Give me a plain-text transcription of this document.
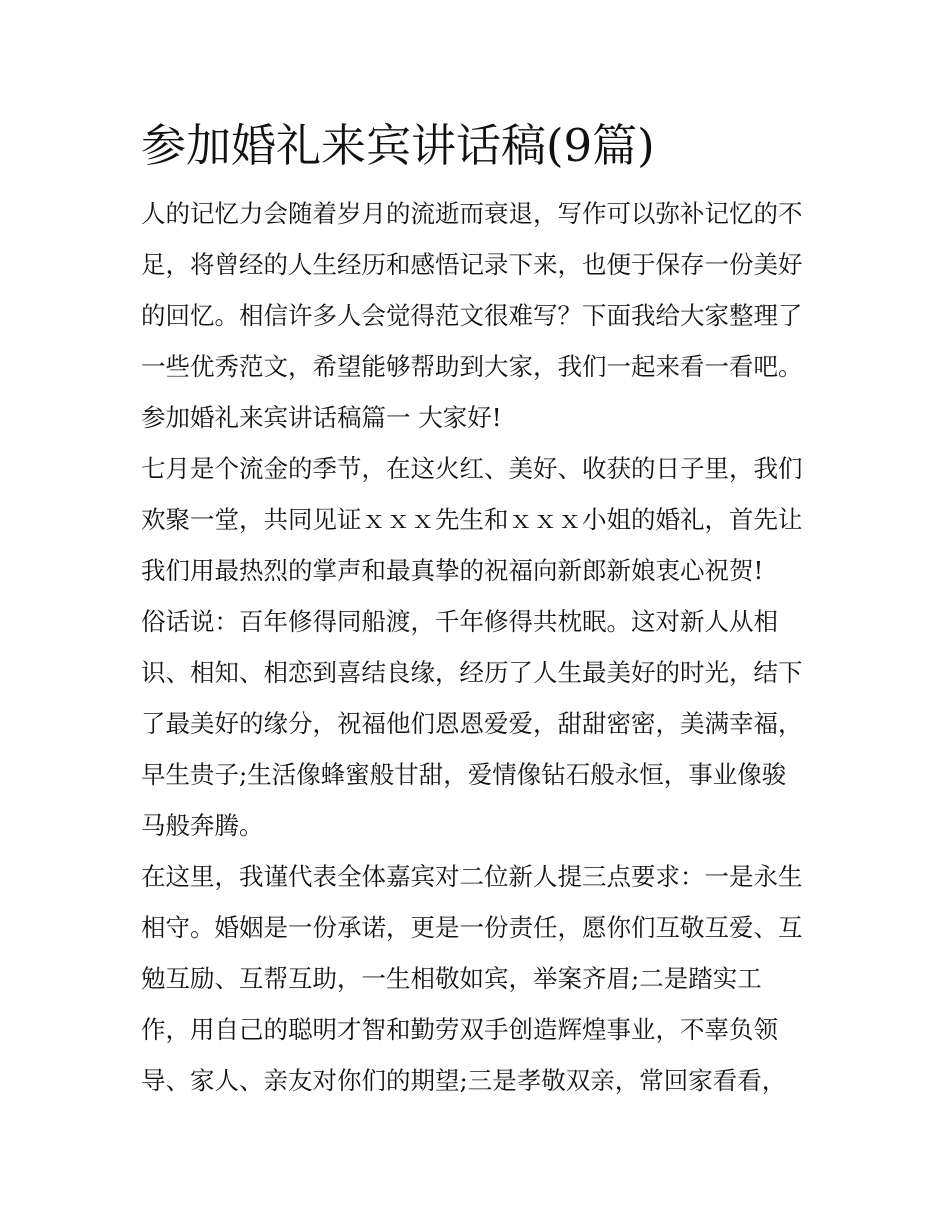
参加婚礼来宾讲话稿(9篇)

人的记忆力会随着岁月的流逝而衰退，写作可以弥补记忆的不
足，将曾经的人生经历和感悟记录下来，也便于保存一份美好
的回忆。相信许多人会觉得范文很难写？下面我给大家整理了
一些优秀范文，希望能够帮助到大家，我们一起来看一看吧。

参加婚礼来宾讲话稿篇一 大家好!

七月是个流金的季节，在这火红、美好、收获的日子里，我们
欢聚一堂，共同见证ｘｘｘ先生和ｘｘｘ小姐的婚礼，首先让
我们用最热烈的掌声和最真挚的祝福向新郎新娘衷心祝贺!

俗话说：百年修得同船渡，千年修得共枕眠。这对新人从相
识、相知、相恋到喜结良缘，经历了人生最美好的时光，结下
了最美好的缘分，祝福他们恩恩爱爱，甜甜密密，美满幸福，
早生贵子;生活像蜂蜜般甘甜，爱情像钻石般永恒，事业像骏
马般奔腾。

在这里，我谨代表全体嘉宾对二位新人提三点要求：一是永生
相守。婚姻是一份承诺，更是一份责任，愿你们互敬互爱、互
勉互励、互帮互助，一生相敬如宾，举案齐眉;二是踏实工
作，用自己的聪明才智和勤劳双手创造辉煌事业，不辜负领
导、家人、亲友对你们的期望;三是孝敬双亲，常回家看看，
